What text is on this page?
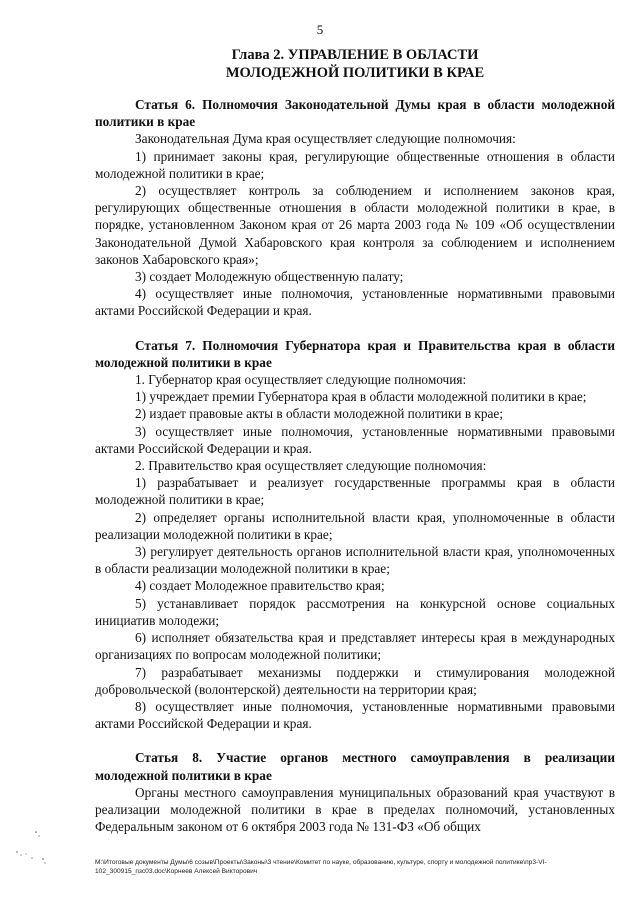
5
Глава 2. УПРАВЛЕНИЕ В ОБЛАСТИ
МОЛОДЕЖНОЙ ПОЛИТИКИ В КРАЕ

Статья 6. Полномочия Законодательной Думы края в области молодежной политики в крае

Законодательная Дума края осуществляет следующие полномочия:

1) принимает законы края, регулирующие общественные отношения в области молодежной политики в крае;

2) осуществляет контроль за соблюдением и исполнением законов края, регулирующих общественные отношения в области молодежной политики в крае, в порядке, установленном Законом края от 26 марта 2003 года № 109 «Об осуществлении Законодательной Думой Хабаровского края контроля за соблюдением и исполнением законов Хабаровского края»;

3) создает Молодежную общественную палату;

4) осуществляет иные полномочия, установленные нормативными правовыми актами Российской Федерации и края.

Статья 7. Полномочия Губернатора края и Правительства края в области молодежной политики в крае

1. Губернатор края осуществляет следующие полномочия:

1) учреждает премии Губернатора края в области молодежной политики в крае;

2) издает правовые акты в области молодежной политики в крае;

3) осуществляет иные полномочия, установленные нормативными правовыми актами Российской Федерации и края.

2. Правительство края осуществляет следующие полномочия:

1) разрабатывает и реализует государственные программы края в области молодежной политики в крае;

2) определяет органы исполнительной власти края, уполномоченные в области реализации молодежной политики в крае;

3) регулирует деятельность органов исполнительной власти края, уполномоченных в области реализации молодежной политики в крае;

4) создает Молодежное правительство края;

5) устанавливает порядок рассмотрения на конкурсной основе социальных инициатив молодежи;

6) исполняет обязательства края и представляет интересы края в международных организациях по вопросам молодежной политики;

7) разрабатывает механизмы поддержки и стимулирования молодежной добровольческой (волонтерской) деятельности на территории края;

8) осуществляет иные полномочия, установленные нормативными правовыми актами Российской Федерации и края.

Статья 8. Участие органов местного самоуправления в реализации молодежной политики в крае

Органы местного самоуправления муниципальных образований края участвуют в реализации молодежной политики в крае в пределах полномочий, установленных Федеральным законом от 6 октября 2003 года № 131-ФЗ «Об общих

М:\Итоговые документы Думы\6 созыв\Проекты\Законы\3 чтение\Комитет по науке, образованию, культуре, спорту и молодежной политике\пр3-VI-102_300915_пзс03.doc\Корнеев Алексей Викторович
